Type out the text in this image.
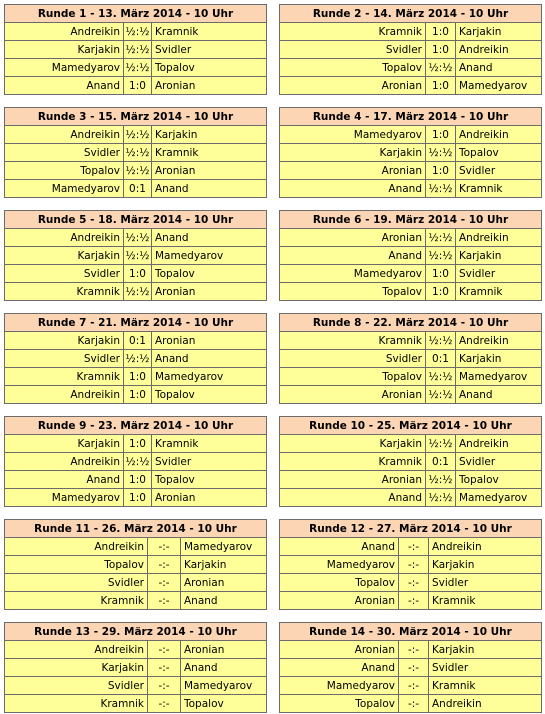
Runde 1 - 13. März 2014 - 10 Uhr		
Andreikin	½:½	Kramnik
Karjakin	½:½	Svidler
Mamedyarov	½:½	Topalov
Anand	1:0	Aronian
Runde 2 - 14. März 2014 - 10 Uhr		
Kramnik	1:0	Karjakin
Svidler	1:0	Andreikin
Topalov	½:½	Anand
Aronian	1:0	Mamedyarov
Runde 3 - 15. März 2014 - 10 Uhr		
Andreikin	½:½	Karjakin
Svidler	½:½	Kramnik
Topalov	½:½	Aronian
Mamedyarov	0:1	Anand
Runde 4 - 17. März 2014 - 10 Uhr		
Mamedyarov	1:0	Andreikin
Karjakin	½:½	Topalov
Aronian	1:0	Svidler
Anand	½:½	Kramnik
Runde 5 - 18. März 2014 - 10 Uhr		
Andreikin	½:½	Anand
Karjakin	½:½	Mamedyarov
Svidler	1:0	Topalov
Kramnik	½:½	Aronian
Runde 6 - 19. März 2014 - 10 Uhr		
Aronian	½:½	Andreikin
Anand	½:½	Karjakin
Mamedyarov	1:0	Svidler
Topalov	1:0	Kramnik
Runde 7 - 21. März 2014 - 10 Uhr		
Karjakin	0:1	Aronian
Svidler	½:½	Anand
Kramnik	1:0	Mamedyarov
Andreikin	1:0	Topalov
Runde 8 - 22. März 2014 - 10 Uhr		
Kramnik	½:½	Andreikin
Svidler	0:1	Karjakin
Topalov	½:½	Mamedyarov
Aronian	½:½	Anand
Runde 9 - 23. März 2014 - 10 Uhr		
Karjakin	1:0	Kramnik
Andreikin	½:½	Svidler
Anand	1:0	Topalov
Mamedyarov	1:0	Aronian
Runde 10 - 25. März 2014 - 10 Uhr		
Karjakin	½:½	Andreikin
Kramnik	0:1	Svidler
Aronian	½:½	Topalov
Anand	½:½	Mamedyarov
Runde 11 - 26. März 2014 - 10 Uhr		
Andreikin	-:-	Mamedyarov
Topalov	-:-	Karjakin
Svidler	-:-	Aronian
Kramnik	-:-	Anand
Runde 12 - 27. März 2014 - 10 Uhr		
Anand	-:-	Andreikin
Mamedyarov	-:-	Karjakin
Topalov	-:-	Svidler
Aronian	-:-	Kramnik
Runde 13 - 29. März 2014 - 10 Uhr		
Andreikin	-:-	Aronian
Karjakin	-:-	Anand
Svidler	-:-	Mamedyarov
Kramnik	-:-	Topalov
Runde 14 - 30. März 2014 - 10 Uhr		
Aronian	-:-	Karjakin
Anand	-:-	Svidler
Mamedyarov	-:-	Kramnik
Topalov	-:-	Andreikin
